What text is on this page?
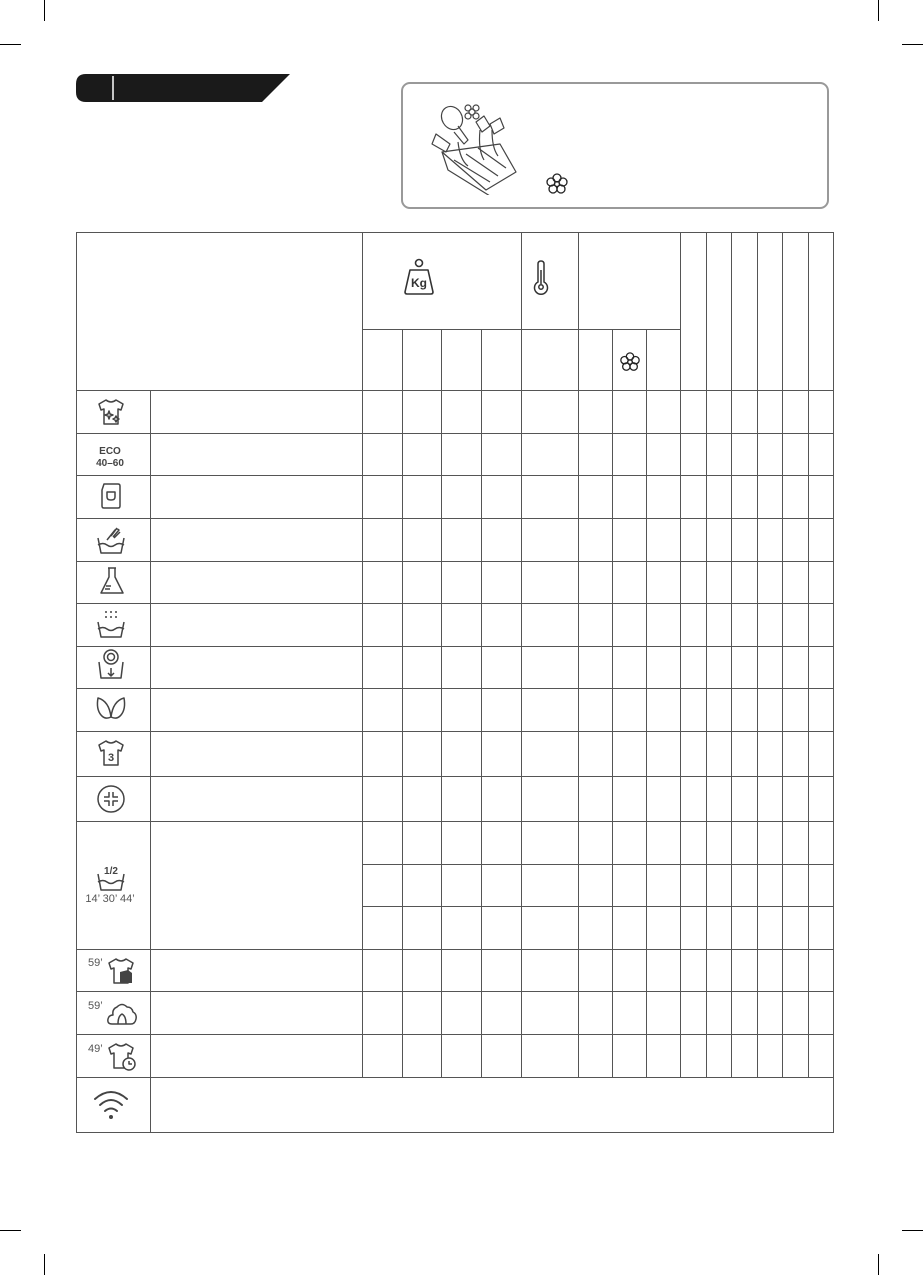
Kg
ECO
40–60
3
1/2
14’ 30’ 44’
59’
59’
49’
